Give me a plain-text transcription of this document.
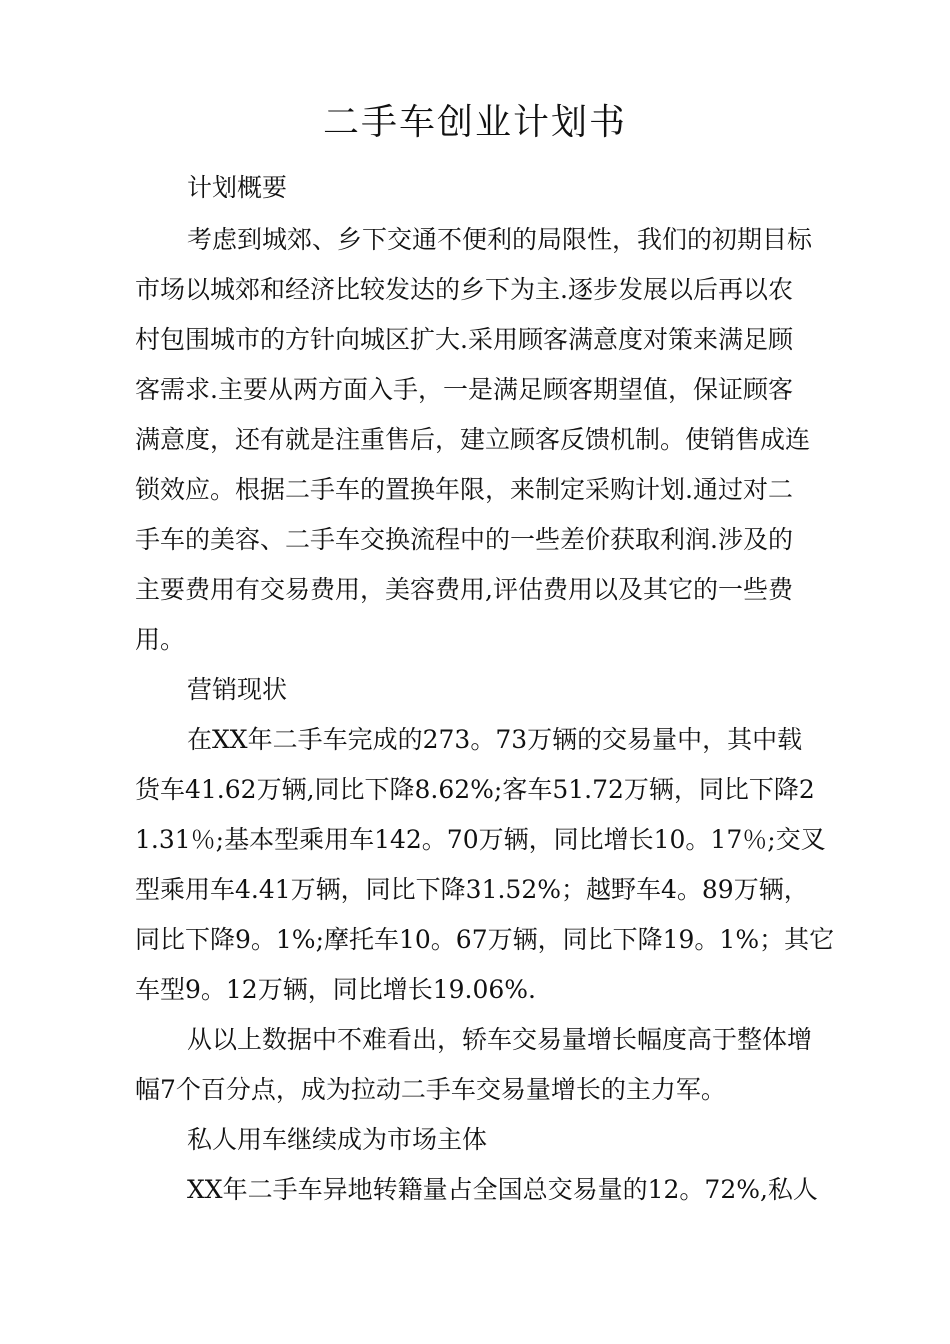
二手车创业计划书

计划概要

考虑到城郊、乡下交通不便利的局限性，我们的初期目标

市场以城郊和经济比较发达的乡下为主.逐步发展以后再以农

村包围城市的方针向城区扩大.采用顾客满意度对策来满足顾

客需求.主要从两方面入手，一是满足顾客期望值，保证顾客

满意度，还有就是注重售后，建立顾客反馈机制。使销售成连

锁效应。根据二手车的置换年限，来制定采购计划.通过对二

手车的美容、二手车交换流程中的一些差价获取利润.涉及的

主要费用有交易费用，美容费用,评估费用以及其它的一些费

用。

营销现状

在XX年二手车完成的273。73万辆的交易量中，其中载

货车41.62万辆,同比下降8.62%;客车51.72万辆，同比下降2

1.31％;基本型乘用车142。70万辆，同比增长10。17％;交叉

型乘用车4.41万辆，同比下降31.52%；越野车4。89万辆，

同比下降9。1%;摩托车10。67万辆，同比下降19。1%；其它

车型9。12万辆，同比增长19.06%.

从以上数据中不难看出，轿车交易量增长幅度高于整体增

幅7个百分点，成为拉动二手车交易量增长的主力军。

私人用车继续成为市场主体

XX年二手车异地转籍量占全国总交易量的12。72%,私人
